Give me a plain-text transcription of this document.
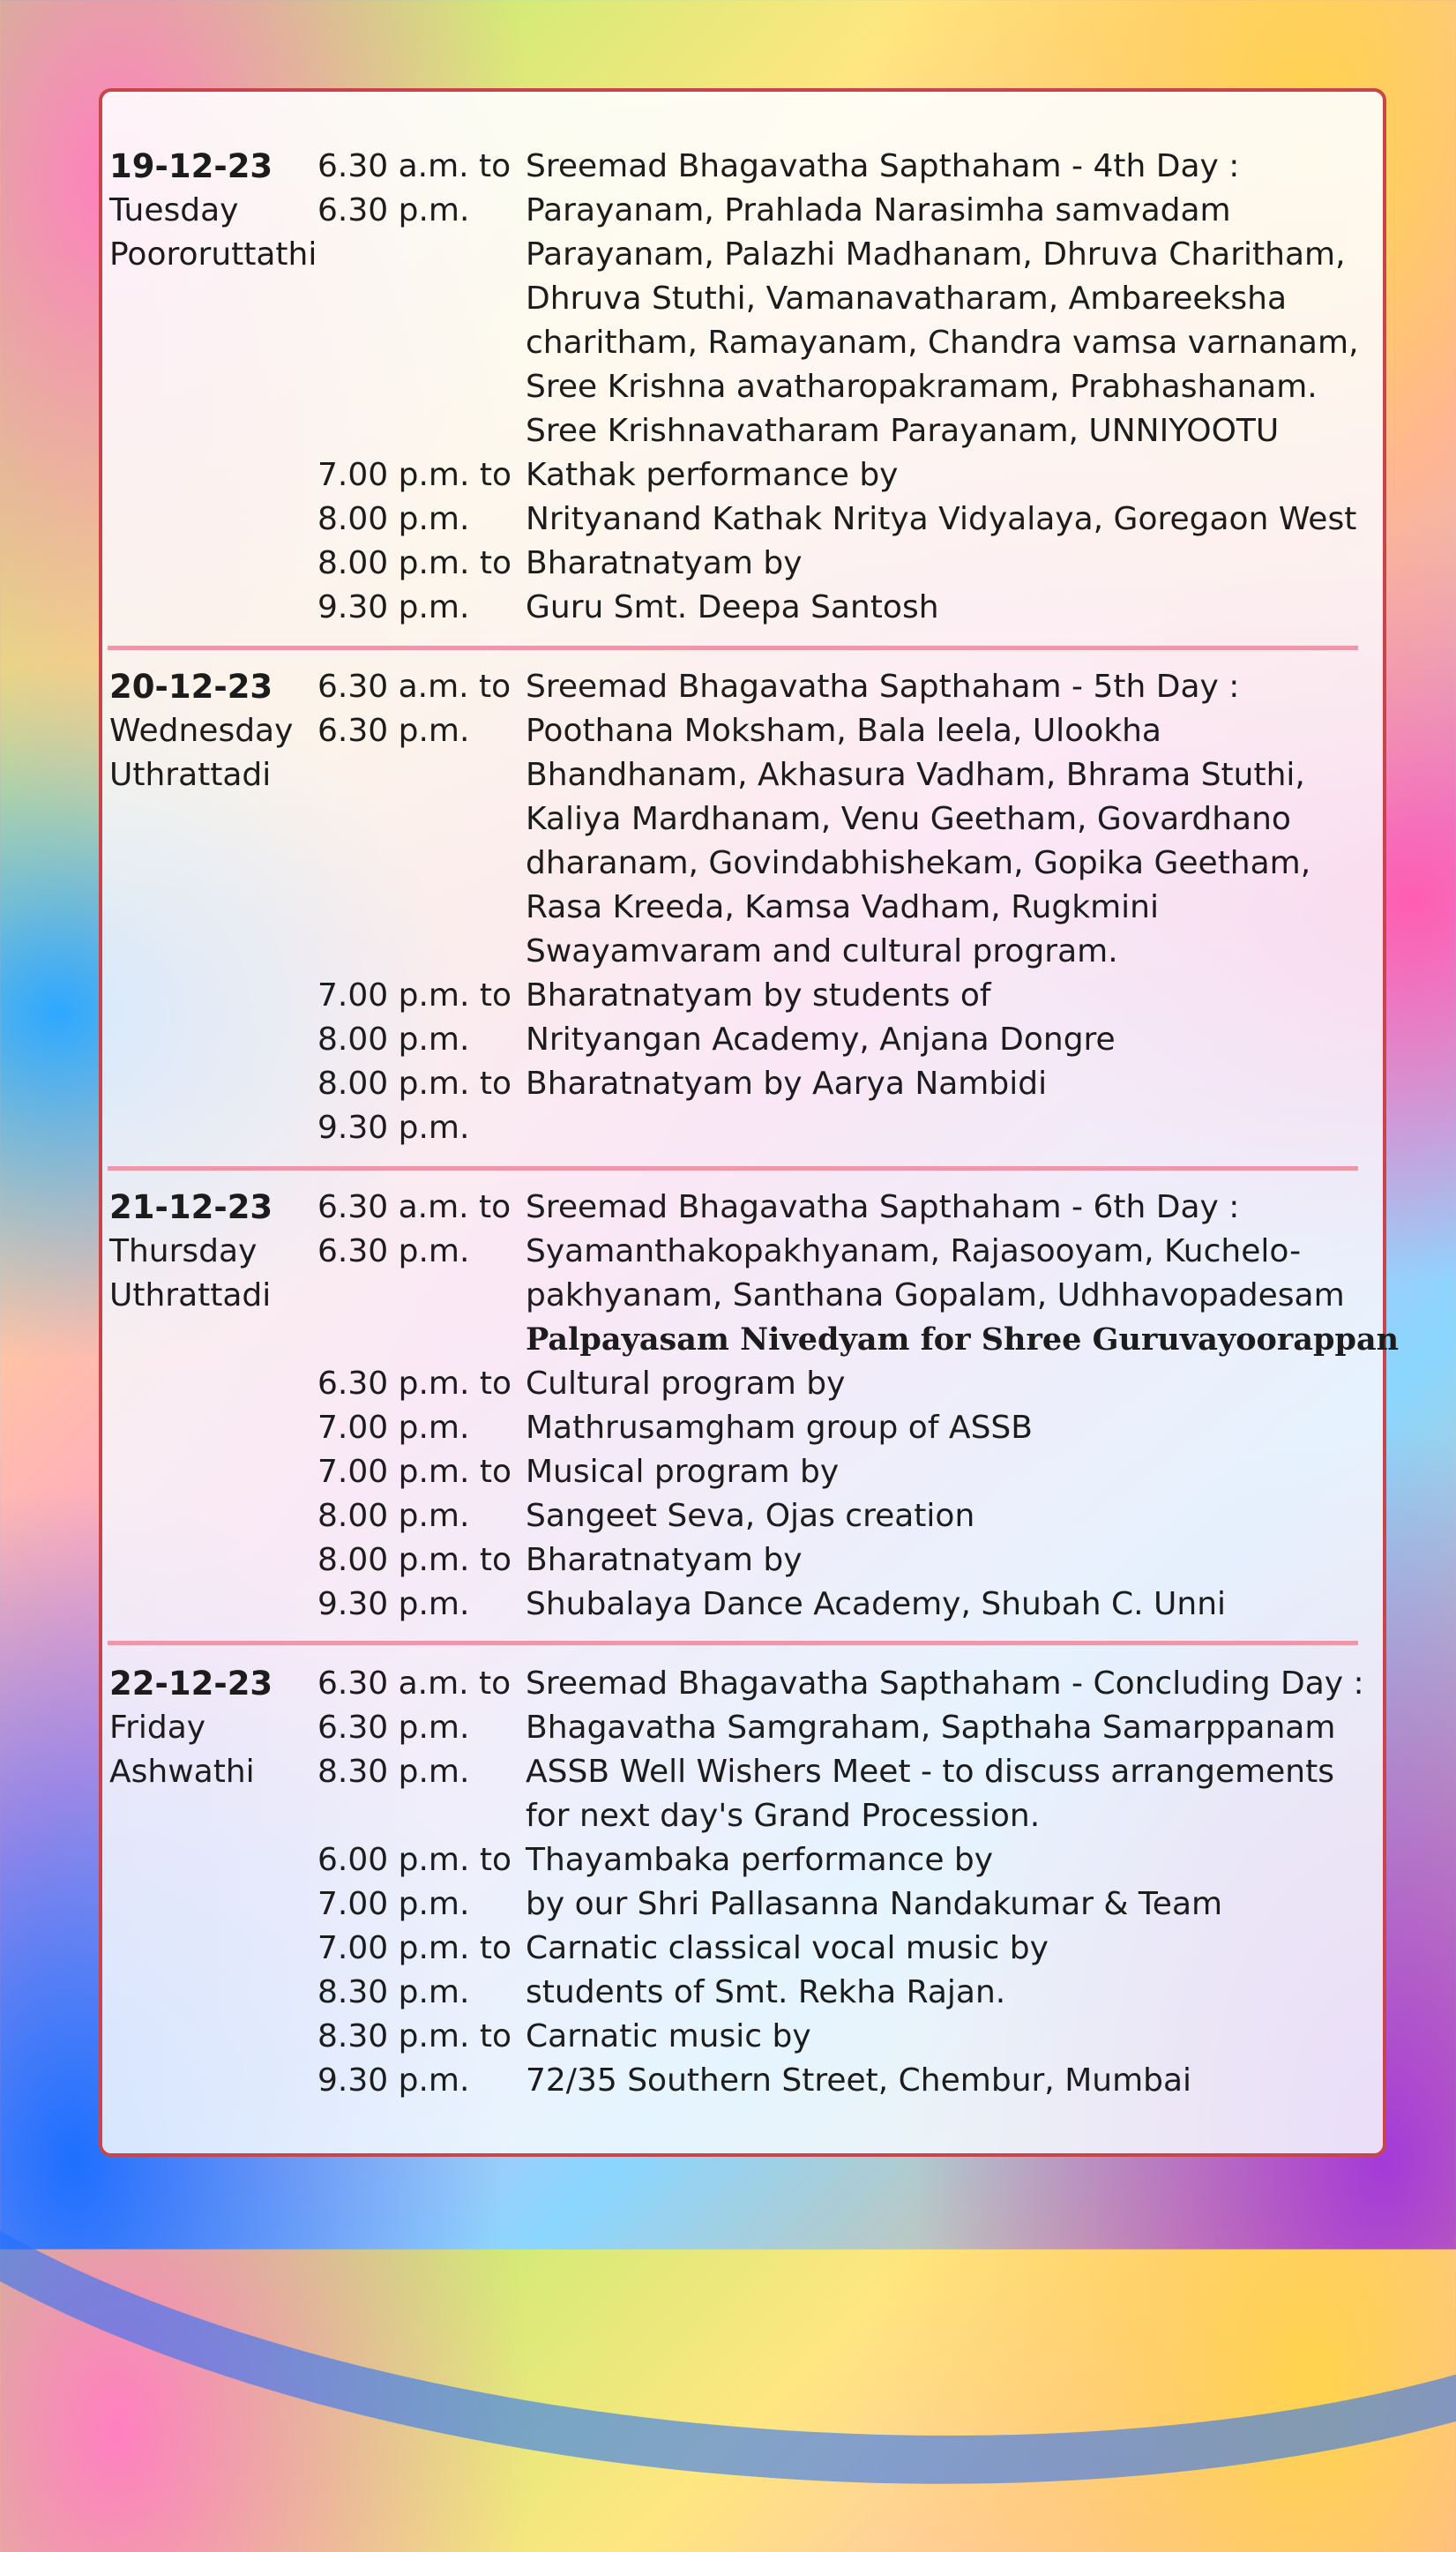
19-12-23
Tuesday
Poororuttathi
6.30 a.m. to
6.30 p.m.
7.00 p.m. to
8.00 p.m.
8.00 p.m. to
9.30 p.m.
Sreemad Bhagavatha Sapthaham - 4th Day :
Parayanam, Prahlada Narasimha samvadam
Parayanam, Palazhi Madhanam, Dhruva Charitham,
Dhruva Stuthi, Vamanavatharam, Ambareeksha
charitham, Ramayanam, Chandra vamsa varnanam,
Sree Krishna avatharopakramam, Prabhashanam.
Sree Krishnavatharam Parayanam, UNNIYOOTU
Kathak performance by
Nrityanand Kathak Nritya Vidyalaya, Goregaon West
Bharatnatyam by
Guru Smt. Deepa Santosh
20-12-23
Wednesday
Uthrattadi
6.30 a.m. to
6.30 p.m.
7.00 p.m. to
8.00 p.m.
8.00 p.m. to
9.30 p.m.
Sreemad Bhagavatha Sapthaham - 5th Day :
Poothana Moksham, Bala leela, Ulookha
Bhandhanam, Akhasura Vadham, Bhrama Stuthi,
Kaliya Mardhanam, Venu Geetham, Govardhano
dharanam, Govindabhishekam, Gopika Geetham,
Rasa Kreeda, Kamsa Vadham, Rugkmini
Swayamvaram and cultural program.
Bharatnatyam by students of
Nrityangan Academy, Anjana Dongre
Bharatnatyam by Aarya Nambidi
21-12-23
Thursday
Uthrattadi
6.30 a.m. to
6.30 p.m.
6.30 p.m. to
7.00 p.m.
7.00 p.m. to
8.00 p.m.
8.00 p.m. to
9.30 p.m.
Sreemad Bhagavatha Sapthaham - 6th Day :
Syamanthakopakhyanam, Rajasooyam, Kuchelo-
pakhyanam, Santhana Gopalam, Udhhavopadesam
Palpayasam Nivedyam for Shree Guruvayoorappan
Cultural program by
Mathrusamgham group of ASSB
Musical program by
Sangeet Seva, Ojas creation
Bharatnatyam by
Shubalaya Dance Academy, Shubah C. Unni
22-12-23
Friday
Ashwathi
6.30 a.m. to
6.30 p.m.
8.30 p.m.
6.00 p.m. to
7.00 p.m.
7.00 p.m. to
8.30 p.m.
8.30 p.m. to
9.30 p.m.
Sreemad Bhagavatha Sapthaham - Concluding Day :
Bhagavatha Samgraham, Sapthaha Samarppanam
ASSB Well Wishers Meet - to discuss arrangements
for next day's Grand Procession.
Thayambaka performance by
by our Shri Pallasanna Nandakumar & Team
Carnatic classical vocal music by
students of Smt. Rekha Rajan.
Carnatic music by
72/35 Southern Street, Chembur, Mumbai
